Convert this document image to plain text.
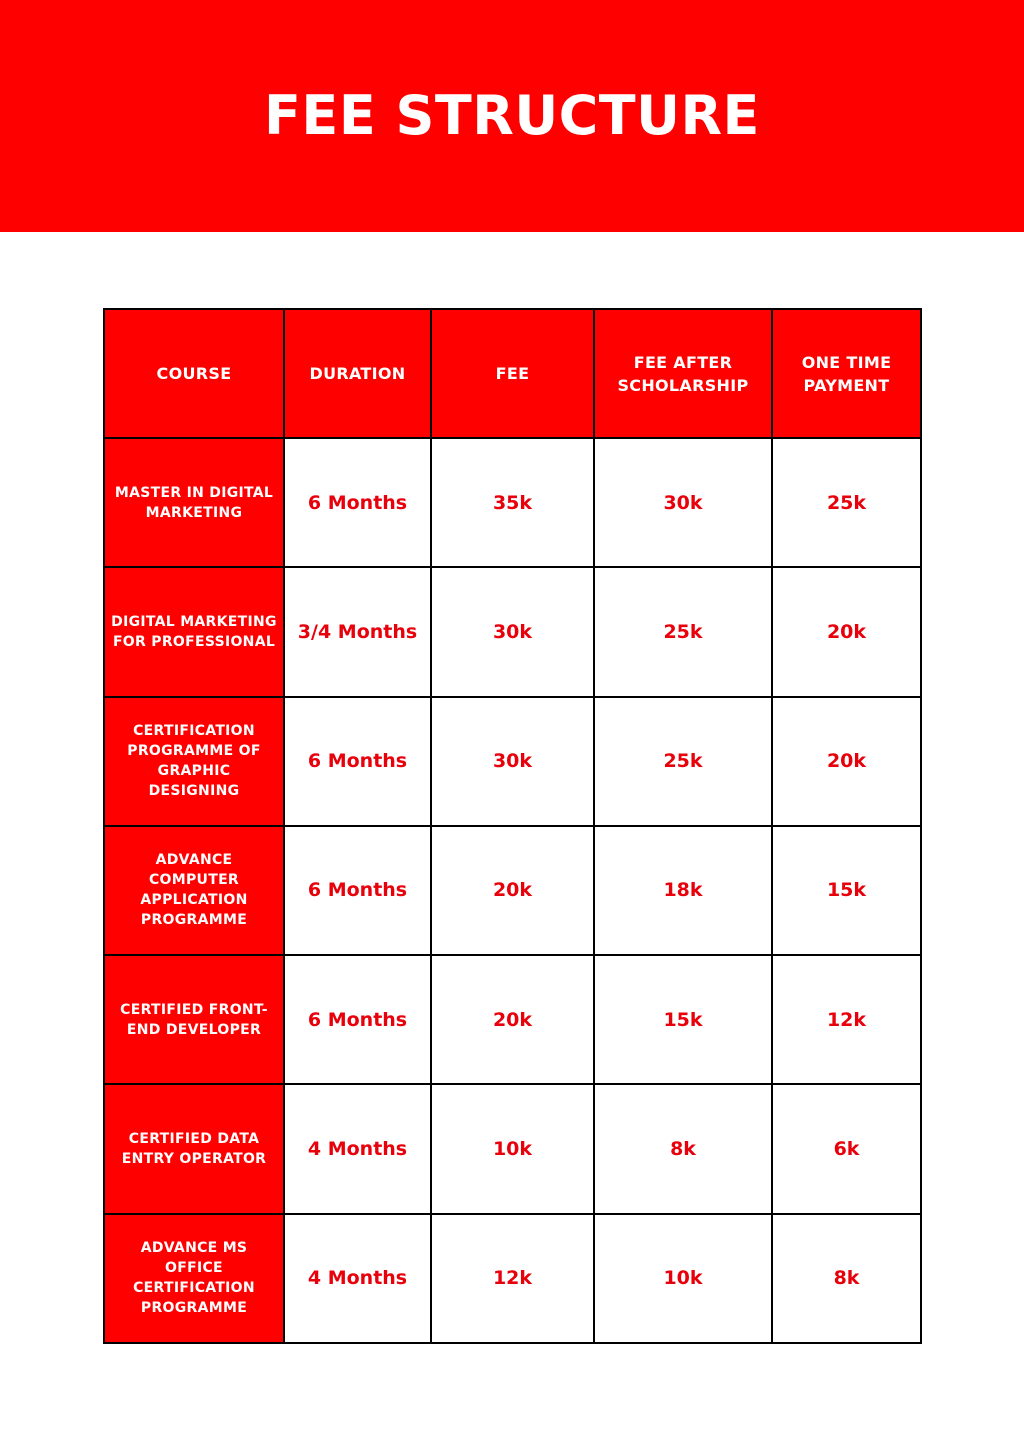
FEE STRUCTURE
COURSE	DURATION	FEE	FEE AFTER SCHOLARSHIP	ONE TIME PAYMENT
MASTER IN DIGITAL MARKETING	6 Months	35k	30k	25k
DIGITAL MARKETING FOR PROFESSIONAL	3/4 Months	30k	25k	20k
CERTIFICATION PROGRAMME OF GRAPHIC DESIGNING	6 Months	30k	25k	20k
ADVANCE COMPUTER APPLICATION PROGRAMME	6 Months	20k	18k	15k
CERTIFIED FRONT-END DEVELOPER	6 Months	20k	15k	12k
CERTIFIED DATA ENTRY OPERATOR	4 Months	10k	8k	6k
ADVANCE MS OFFICE CERTIFICATION PROGRAMME	4 Months	12k	10k	8k
